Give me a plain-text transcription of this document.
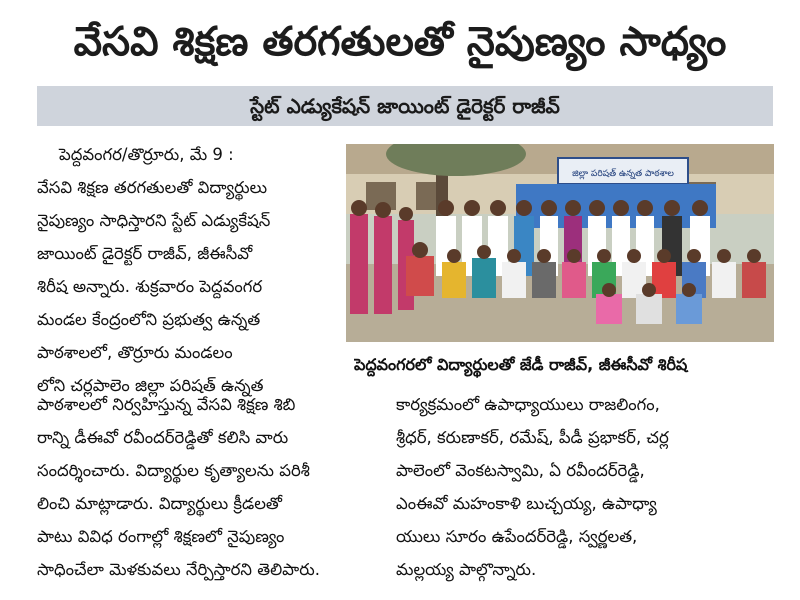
వేసవి శిక్షణ తరగతులతో నైపుణ్యం సాధ్యం
స్టేట్ ఎడ్యుకేషన్ జాయింట్ డైరెక్టర్ రాజీవ్
పెద్దవంగర/తొర్రూరు, మే 9 :
వేసవి శిక్షణ తరగతులతో విద్యార్థులు
నైపుణ్యం సాధిస్తారని స్టేట్ ఎడ్యుకేషన్
జాయింట్ డైరెక్టర్ రాజీవ్, జీఈసీవో
శిరీష అన్నారు. శుక్రవారం పెద్దవంగర
మండల కేంద్రంలోని ప్రభుత్వ ఉన్నత
పాఠశాలలో, తొర్రూరు మండలం
లోని చర్లపాలెం జిల్లా పరిషత్ ఉన్నత
పాఠశాలలో నిర్వహిస్తున్న వేసవి శిక్షణ శిబి
రాన్ని డీఈవో రవీందర్‌రెడ్డితో కలిసి వారు
సందర్శించారు. విద్యార్థుల కృత్యాలను పరిశీ
లించి మాట్లాడారు. విద్యార్థులు క్రీడలతో
పాటు వివిధ రంగాల్లో శిక్షణలో నైపుణ్యం
సాధించేలా మెళకువలు నేర్పిస్తారని తెలిపారు.
జిల్లా పరిషత్ ఉన్నత పాఠశాల
పెద్దవంగరలో విద్యార్థులతో జేడీ రాజీవ్, జీఈసీవో శిరీష
కార్యక్రమంలో ఉపాధ్యాయులు రాజలింగం,
శ్రీధర్, కరుణాకర్, రమేష్, పీడీ ప్రభాకర్, చర్ల
పాలెంలో వెంకటస్వామి, ఏ రవీందర్‌రెడ్డి,
ఎంఈవో మహంకాళి బుచ్చయ్య, ఉపాధ్యా
యులు సూరం ఉపేందర్‌రెడ్డి, స్వర్ణలత,
మల్లయ్య పాల్గొన్నారు.
